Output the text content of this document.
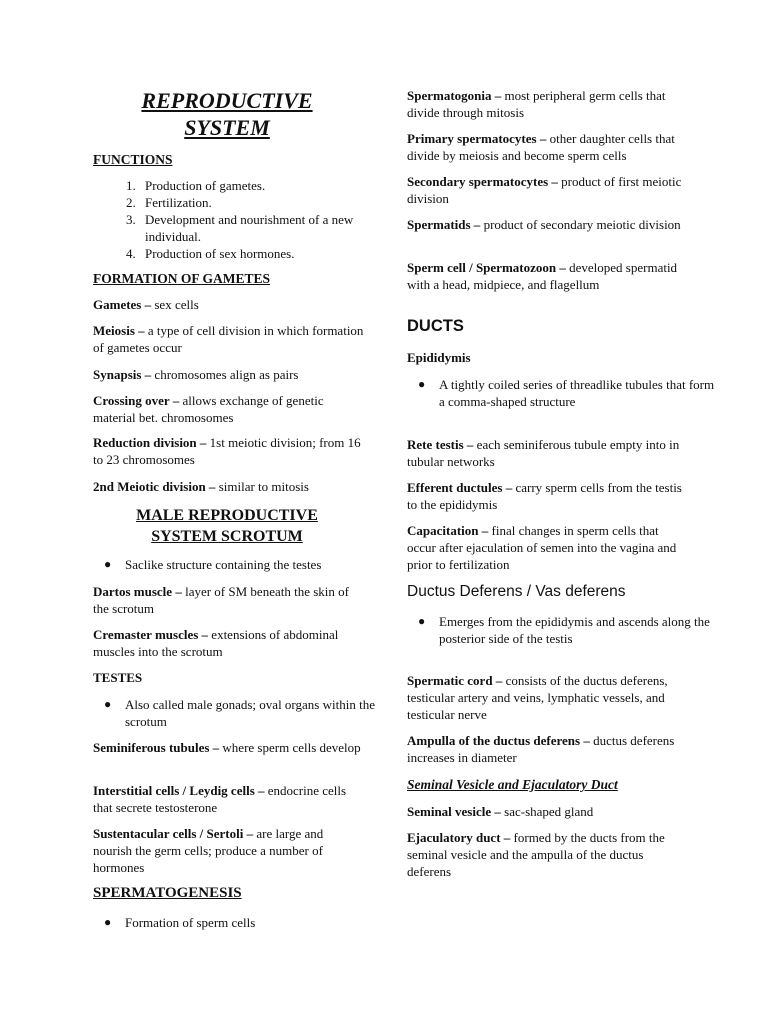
REPRODUCTIVE
SYSTEM

FUNCTIONS

1. Production of gametes.
2. Fertilization.
3. Development and nourishment of a new individual.
4. Production of sex hormones.

FORMATION OF GAMETES

Gametes – sex cells

Meiosis – a type of cell division in which formation of gametes occur

Synapsis – chromosomes align as pairs

Crossing over – allows exchange of genetic material bet. chromosomes

Reduction division – 1st meiotic division; from 16 to 23 chromosomes

2nd Meiotic division – similar to mitosis

MALE REPRODUCTIVE
SYSTEM SCROTUM
● Saclike structure containing the testes

Dartos muscle – layer of SM beneath the skin of the scrotum

Cremaster muscles – extensions of abdominal muscles into the scrotum

TESTES

● Also called male gonads; oval organs within the scrotum

Seminiferous tubules – where sperm cells develop

Interstitial cells / Leydig cells – endocrine cells that secrete testosterone

Sustentacular cells / Sertoli – are large and nourish the germ cells; produce a number of hormones

SPERMATOGENESIS

● Formation of sperm cells

Spermatogonia – most peripheral germ cells that divide through mitosis

Primary spermatocytes – other daughter cells that divide by meiosis and become sperm cells

Secondary spermatocytes – product of first meiotic division

Spermatids – product of secondary meiotic division

Sperm cell / Spermatozoon – developed spermatid with a head, midpiece, and flagellum

DUCTS

Epididymis

● A tightly coiled series of threadlike tubules that form a comma-shaped structure

Rete testis – each seminiferous tubule empty into in tubular networks

Efferent ductules – carry sperm cells from the testis to the epididymis

Capacitation – final changes in sperm cells that occur after ejaculation of semen into the vagina and prior to fertilization

Ductus Deferens / Vas deferens

● Emerges from the epididymis and ascends along the posterior side of the testis

Spermatic cord – consists of the ductus deferens, testicular artery and veins, lymphatic vessels, and testicular nerve

Ampulla of the ductus deferens – ductus deferens increases in diameter

Seminal Vesicle and Ejaculatory Duct

Seminal vesicle – sac-shaped gland

Ejaculatory duct – formed by the ducts from the seminal vesicle and the ampulla of the ductus deferens
